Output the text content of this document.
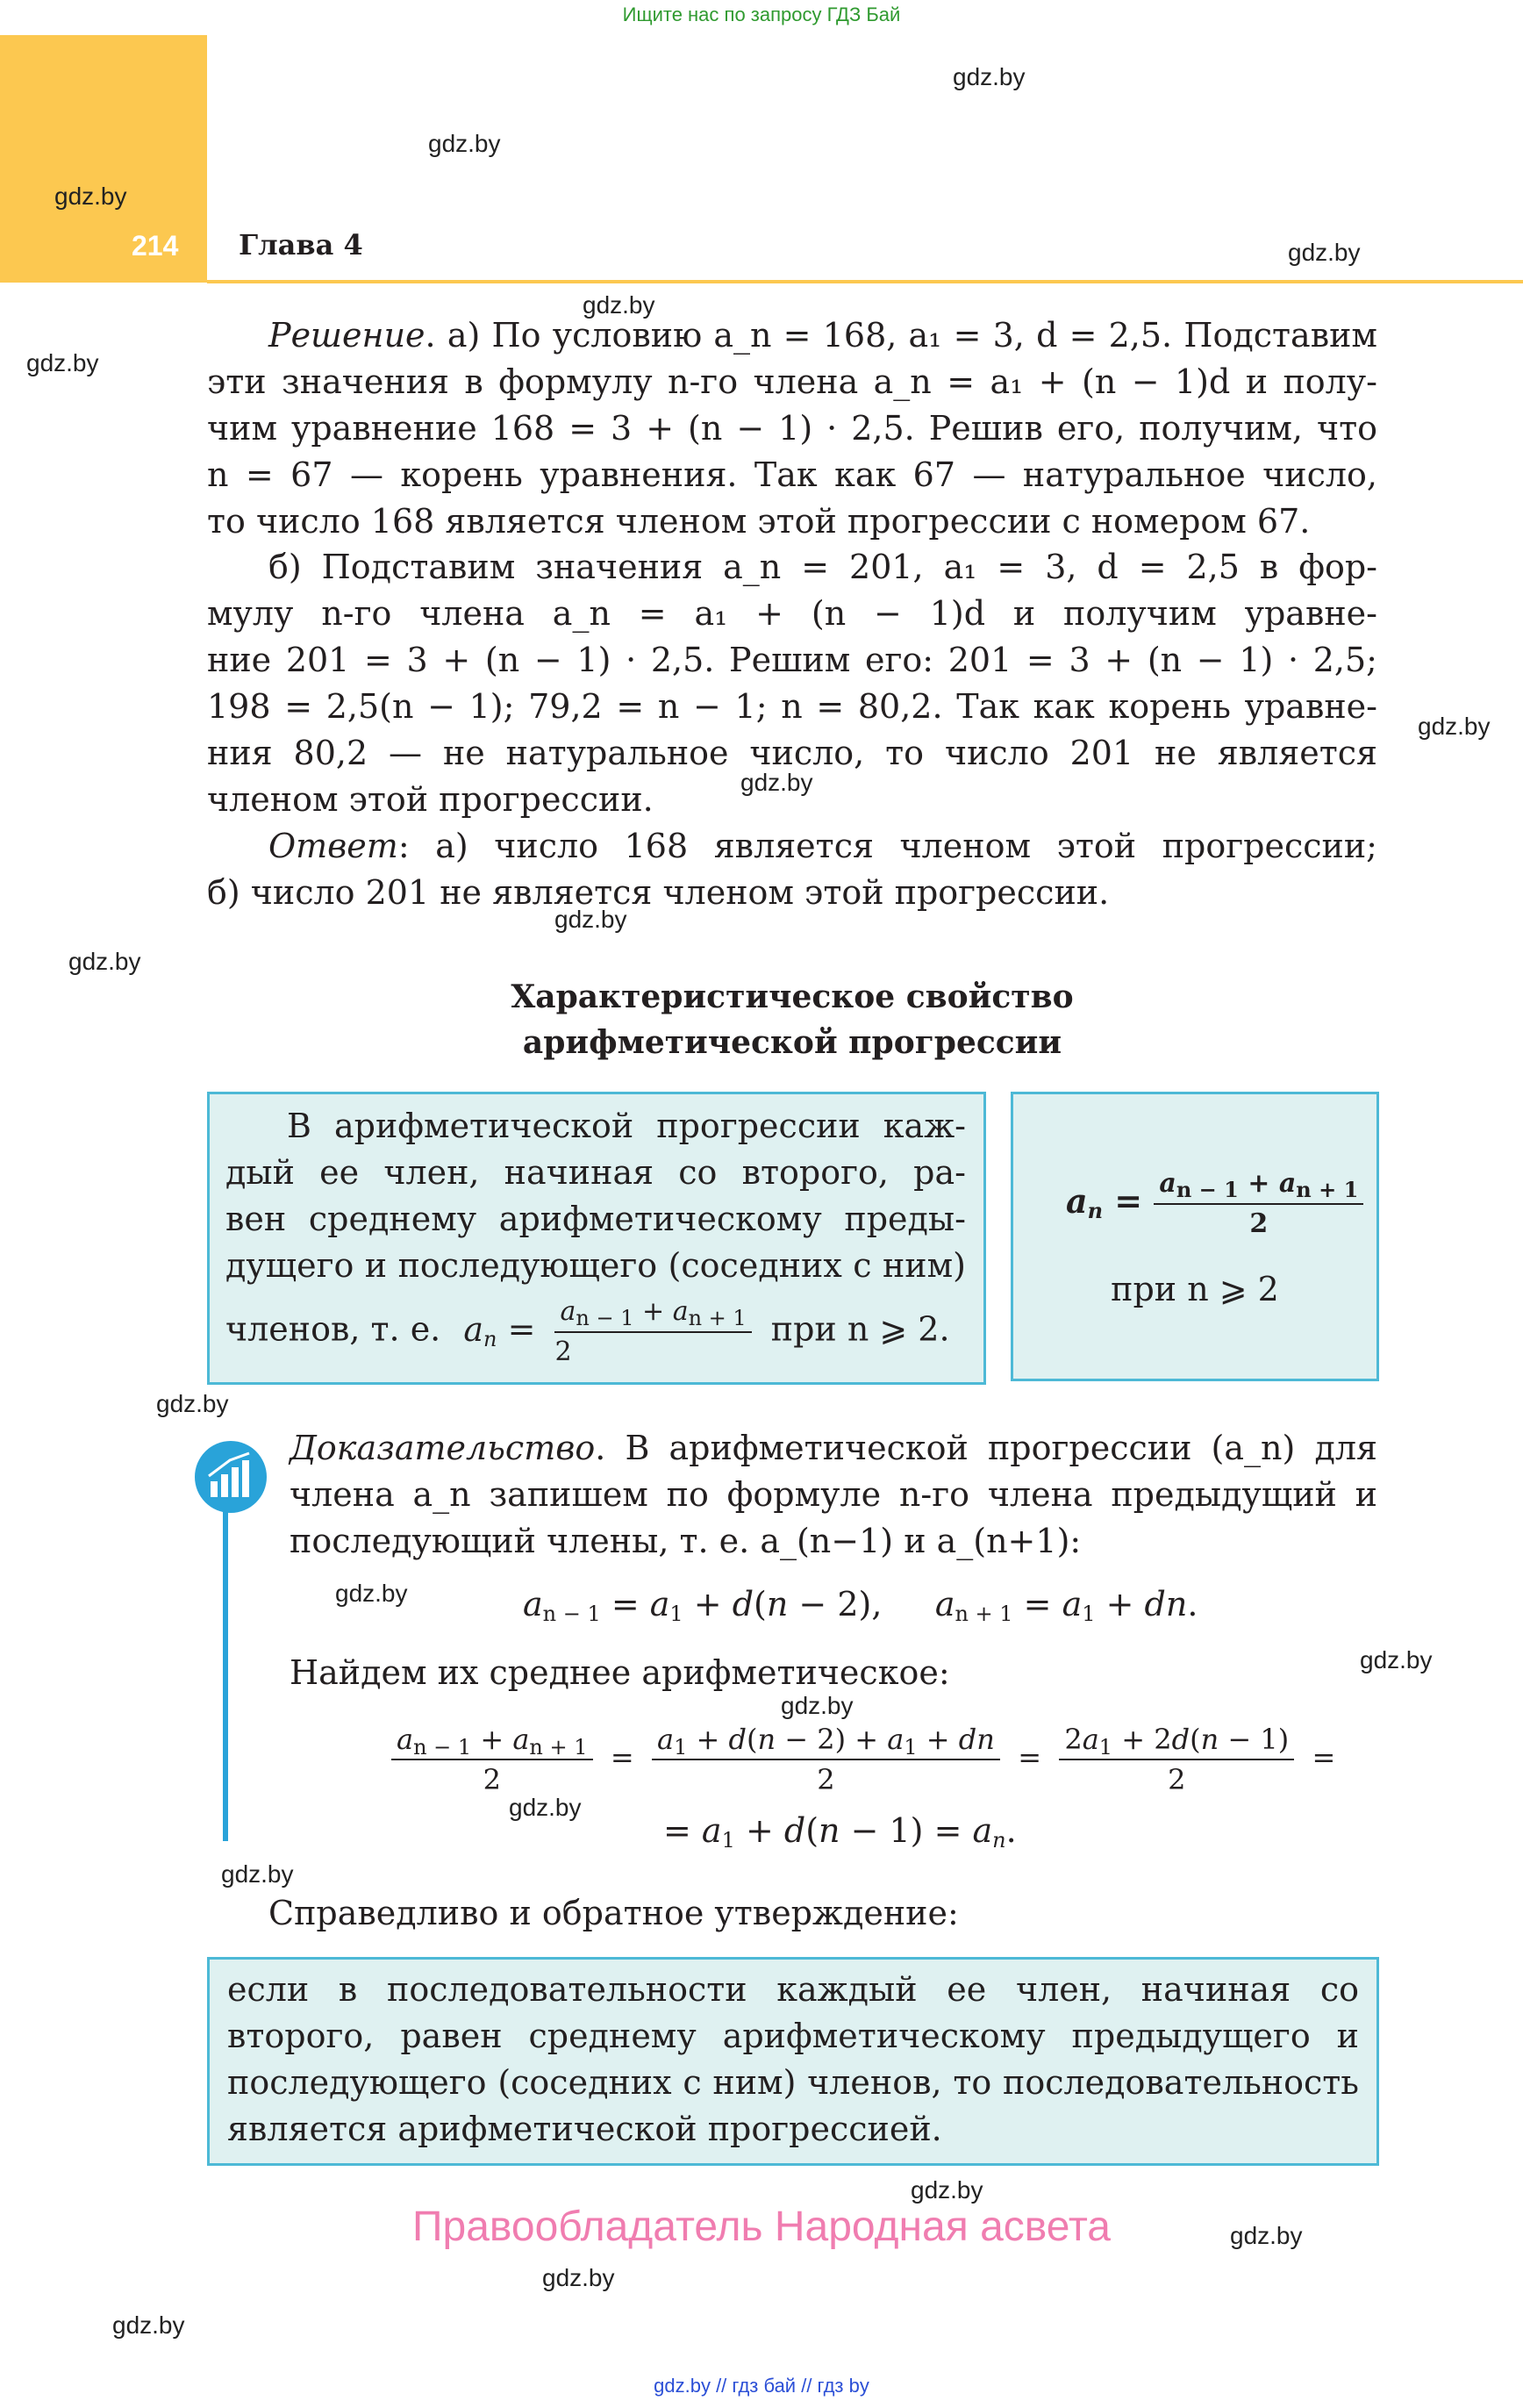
Ищите нас по запросу ГДЗ Бай
214 Глава 4
gdz.by
gdz.by
gdz.by
gdz.by
gdz.by
gdz.by
gdz.by
gdz.by
gdz.by
gdz.by
gdz.by
gdz.by
gdz.by
gdz.by
gdz.by
gdz.by
gdz.by
gdz.by
gdz.by
gdz.by
Решение. а) По условию a_n = 168, a₁ = 3, d = 2,5. Подставим
эти значения в формулу n-го члена a_n = a₁ + (n − 1)d и полу-
чим уравнение 168 = 3 + (n − 1) · 2,5. Решив его, получим, что
n = 67 — корень уравнения. Так как 67 — натуральное число,
то число 168 является членом этой прогрессии с номером 67.
б) Подставим значения a_n = 201, a₁ = 3, d = 2,5 в фор-
мулу n-го члена a_n = a₁ + (n − 1)d и получим уравне-
ние 201 = 3 + (n − 1) · 2,5. Решим его: 201 = 3 + (n − 1) · 2,5;
198 = 2,5(n − 1); 79,2 = n − 1; n = 80,2. Так как корень уравне-
ния 80,2 — не натуральное число, то число 201 не является
членом этой прогрессии.
Ответ: а) число 168 является членом этой прогрессии;
б) число 201 не является членом этой прогрессии.
Характеристическое свойство
арифметической прогрессии
В арифметической прогрессии каж-
дый ее член, начиная со второго, ра-
вен среднему арифметическому преды-
дущего и последующего (соседних с ним)
членов, т. е. $a_n = \frac{a_{n - 1} + a_{n + 1}}{2}$ при n ⩾ 2.
$a_n = \frac{a_{n - 1} + a_{n + 1}}{2}$
при n ⩾ 2
Доказательство. В арифметической прогрессии (a_n) для
члена a_n запишем по формуле n-го члена предыдущий и
последующий члены, т. е. a_(n−1) и a_(n+1):
$a_{n - 1} = a_1 + d(n - 2)$,     $a_{n + 1} = a_1$ + dn.
Найдем их среднее арифметическое:
$\frac{a_{n - 1} + a_{n + 1}}{2} = \frac{a_1 + d(n - 2) + a_1 + dn}{2} = \frac{2a_1 + 2d(n - 1)}{2}$ =
= $a_1 + d(n - 1) = a_n$.
Справедливо и обратное утверждение:
если в последовательности каждый ее член, начиная со
второго, равен среднему арифметическому предыдущего и
последующего (соседних с ним) членов, то последовательность
является арифметической прогрессией.
Правообладатель Народная асвета
gdz.by // гдз бай // гдз by
